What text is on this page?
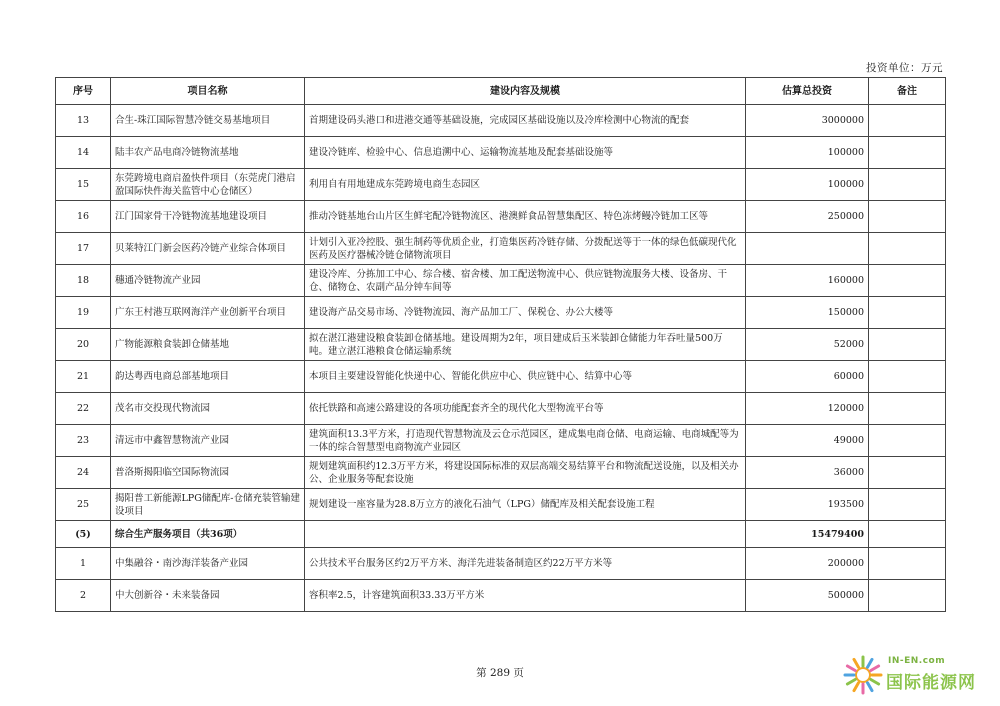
投资单位：万元
序号	项目名称	建设内容及规模	估算总投资	备注
13	合生-珠江国际智慧冷链交易基地项目	首期建设码头港口和进港交通等基础设施，完成园区基础设施以及冷库检测中心物流的配套	3000000	
14	陆丰农产品电商冷链物流基地	建设冷链库、检验中心、信息追溯中心、运输物流基地及配套基础设施等	100000	
15	东莞跨境电商启盈快件项目（东莞虎门港启盈国际快件海关监管中心仓储区）	利用自有用地建成东莞跨境电商生态园区	100000	
16	江门国家骨干冷链物流基地建设项目	推动冷链基地台山片区生鲜宅配冷链物流区、港澳鲜食品智慧集配区、特色冻烤鳗冷链加工区等	250000	
17	贝莱特江门新会医药冷链产业综合体项目	计划引入亚冷控股、强生制药等优质企业，打造集医药冷链存储、分拨配送等于一体的绿色低碳现代化医药及医疗器械冷链仓储物流项目		
18	穗通冷链物流产业园	建设冷库、分拣加工中心、综合楼、宿舍楼、加工配送物流中心、供应链物流服务大楼、设备房、干仓、储物仓、农副产品分钟车间等	160000	
19	广东王村港互联网海洋产业创新平台项目	建设海产品交易市场、冷链物流园、海产品加工厂、保税仓、办公大楼等	150000	
20	广物能源粮食装卸仓储基地	拟在湛江港建设粮食装卸仓储基地。建设周期为2年，项目建成后玉米装卸仓储能力年吞吐量500万吨。建立湛江港粮食仓储运输系统	52000	
21	韵达粤西电商总部基地项目	本项目主要建设智能化快递中心、智能化供应中心、供应链中心、结算中心等	60000	
22	茂名市交投现代物流园	依托铁路和高速公路建设的各项功能配套齐全的现代化大型物流平台等	120000	
23	清远市中鑫智慧物流产业园	建筑面积13.3平方米，打造现代智慧物流及云仓示范园区，建成集电商仓储、电商运输、电商城配等为一体的综合智慧型电商物流产业园区	49000	
24	普洛斯揭阳临空国际物流园	规划建筑面积约12.3万平方米，将建设国际标准的双层高端交易结算平台和物流配送设施，以及相关办公、企业服务等配套设施	36000	
25	揭阳普工新能源LPG储配库-仓储充装管输建设项目	规划建设一座容量为28.8万立方的液化石油气（LPG）储配库及相关配套设施工程	193500	
(5)	综合生产服务项目（共36项）		15479400	
1	中集融谷・南沙海洋装备产业园	公共技术平台服务区约2万平方米、海洋先进装备制造区约22万平方米等	200000	
2	中大创新谷・未来装备园	容积率2.5，计容建筑面积33.33万平方米	500000	
第 289 页
IN-EN.com
国际能源网
